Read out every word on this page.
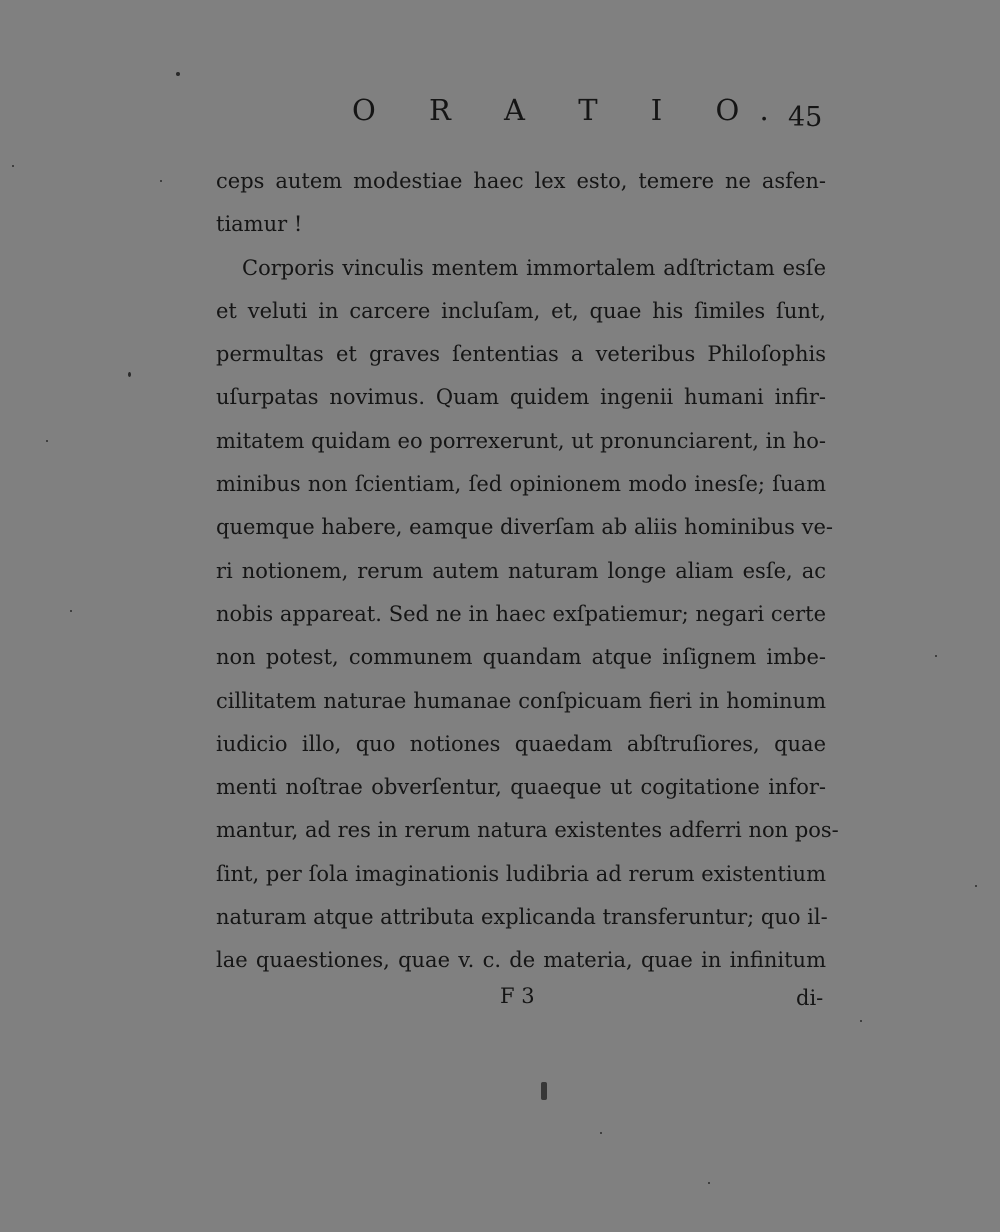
O R A T I O.
45
ceps autem modestiae haec lex esto, temere ne asfen-
tiamur !
Corporis vinculis mentem immortalem adſtrictam esſe
et veluti in carcere incluſam, et, quae his ſimiles ſunt,
permultas et graves ſententias a veteribus Philoſophis
uſurpatas novimus. Quam quidem ingenii humani infir-
mitatem quidam eo porrexerunt, ut pronunciarent, in ho-
minibus non ſcientiam, ſed opinionem modo inesſe; ſuam
quemque habere, eamque diverſam ab aliis hominibus ve-
ri notionem, rerum autem naturam longe aliam esſe, ac
nobis appareat. Sed ne in haec exſpatiemur; negari certe
non potest, communem quandam atque inſignem imbe-
cillitatem naturae humanae conſpicuam fieri in hominum
iudicio illo, quo notiones quaedam abſtruſiores, quae
menti noſtrae obverſentur, quaeque ut cogitatione infor-
mantur, ad res in rerum natura existentes adferri non pos-
ſint, per ſola imaginationis ludibria ad rerum existentium
naturam atque attributa explicanda transferuntur; quo il-
lae quaestiones, quae v. c. de materia, quae in infinitum
F 3	di-
